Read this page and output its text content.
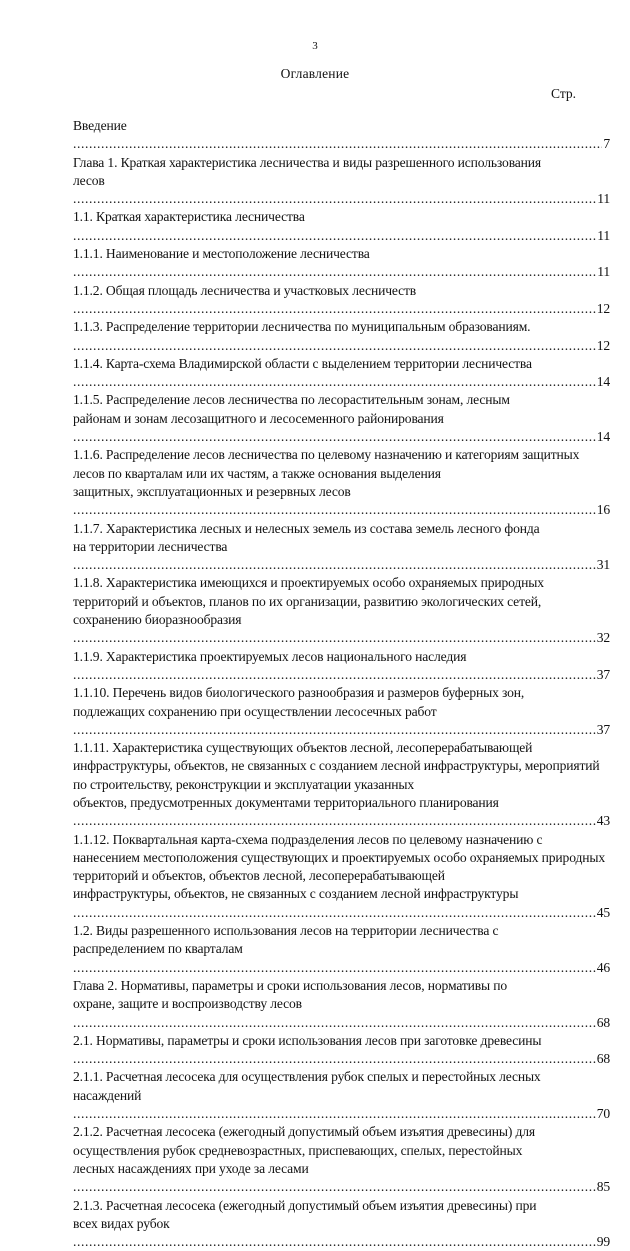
3
Оглавление
Стр.
Введение .....
7
Глава 1. Краткая характеристика лесничества и виды разрешенного использования
лесов .....
11
1.1. Краткая характеристика лесничества .....
11
1.1.1. Наименование и местоположение лесничества .....
11
1.1.2. Общая площадь лесничества и участковых лесничеств .....
12
1.1.3. Распределение территории лесничества по муниципальным образованиям. .....
12
1.1.4. Карта-схема Владимирской области с выделением территории лесничества .....
14
1.1.5. Распределение лесов лесничества по лесорастительным зонам, лесным
районам и зонам лесозащитного и лесосеменного районирования .....
14
1.1.6. Распределение лесов лесничества по целевому назначению и категориям защитных лесов по кварталам или их частям, а также основания выделения
защитных, эксплуатационных и резервных лесов .....
16
1.1.7. Характеристика лесных и нелесных земель из состава земель лесного фонда
на территории лесничества .....
31
1.1.8. Характеристика имеющихся и проектируемых особо охраняемых природных территорий и объектов, планов по их организации, развитию экологических сетей,
сохранению биоразнообразия .....
32
1.1.9. Характеристика проектируемых лесов национального наследия .....
37
1.1.10. Перечень видов биологического разнообразия и размеров буферных зон,
подлежащих сохранению при осуществлении лесосечных работ .....
37
1.1.11. Характеристика существующих объектов лесной, лесоперерабатывающей инфраструктуры, объектов, не связанных с созданием лесной инфраструктуры, мероприятий по строительству, реконструкции и эксплуатации указанных
объектов, предусмотренных документами территориального планирования .....
43
1.1.12. Поквартальная карта-схема подразделения лесов по целевому назначению с нанесением местоположения существующих и проектируемых особо охраняемых природных территорий и объектов, объектов лесной, лесоперерабатывающей
инфраструктуры, объектов, не связанных с созданием лесной инфраструктуры .....
45
1.2. Виды разрешенного использования лесов на территории лесничества с
распределением по кварталам .....
46
Глава 2. Нормативы, параметры и сроки использования лесов, нормативы по
охране, защите и воспроизводству лесов .....
68
2.1. Нормативы, параметры и сроки использования лесов при заготовке древесины
.....
68
2.1.1. Расчетная лесосека для осуществления рубок спелых и перестойных лесных
насаждений .....
70
2.1.2. Расчетная лесосека (ежегодный допустимый объем изъятия древесины) для осуществления рубок средневозрастных, приспевающих, спелых, перестойных
лесных насаждениях при уходе за лесами .....
85
2.1.3. Расчетная лесосека (ежегодный допустимый объем изъятия древесины) при
всех видах рубок .....
99
